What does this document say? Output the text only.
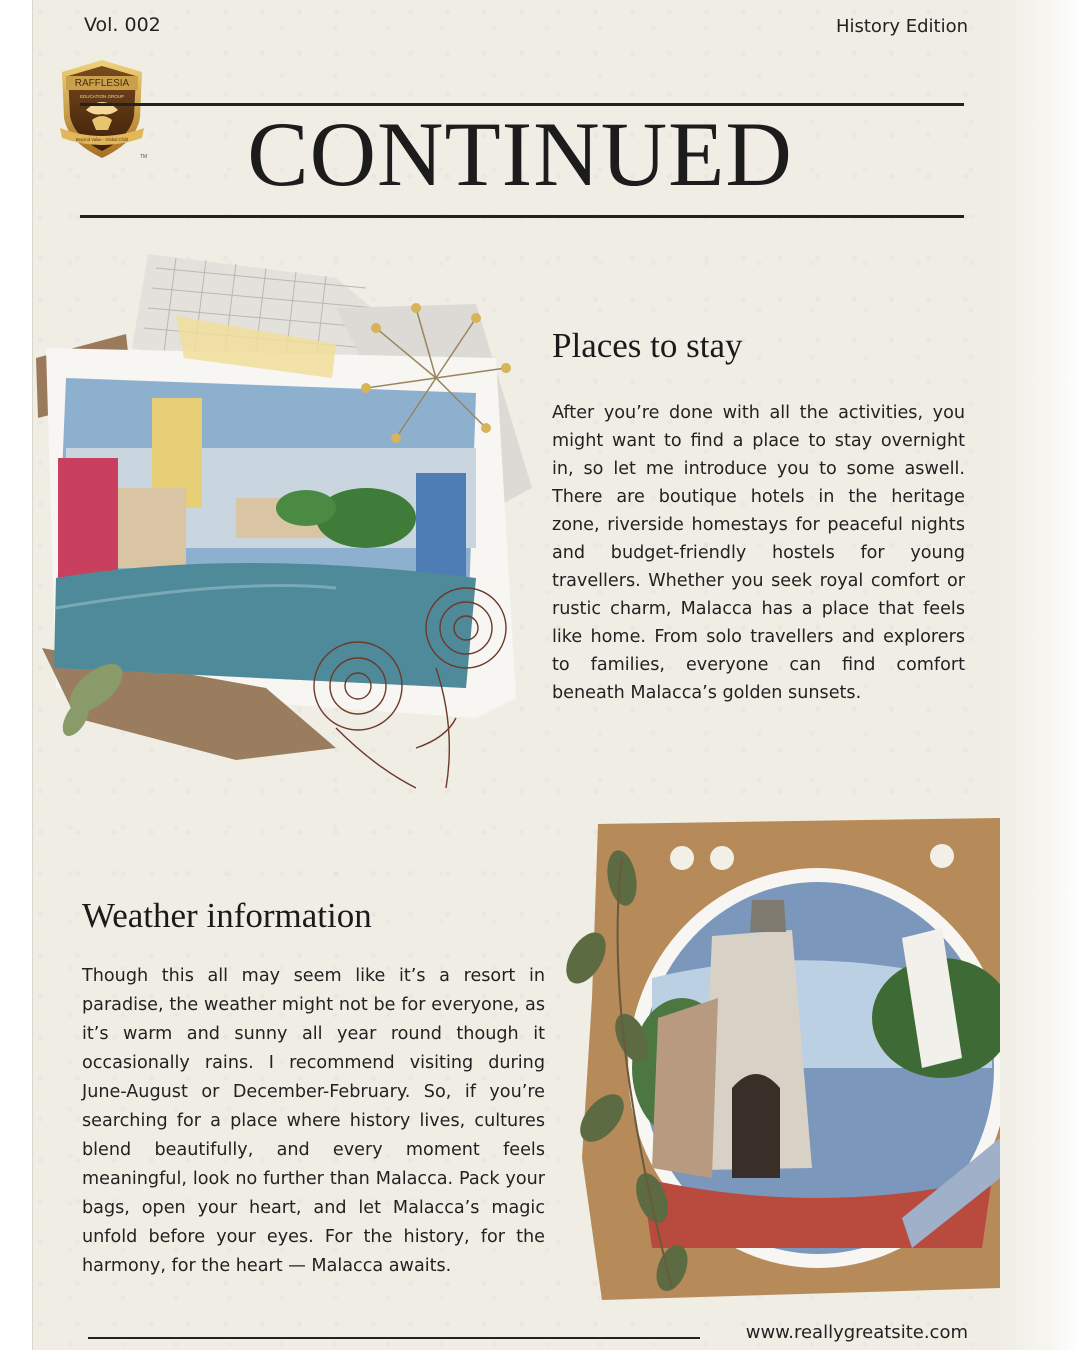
Vol. 002	History Edition
RAFFLESIA
EDUCATION GROUP
Beyond Value · Global Child
TM	CONTINUED
Places to stay

After you’re done with all the activities, you might want to find a place to stay overnight in, so let me introduce you to some aswell. There are boutique hotels in the heritage zone, riverside homestays for peaceful nights and budget-friendly hostels for young travellers. Whether you seek royal comfort or rustic charm, Malacca has a place that feels like home. From solo travellers and explorers to families, everyone can find comfort beneath Malacca’s golden sunsets.

Weather information

Though this all may seem like it’s a resort in paradise, the weather might not be for everyone, as it’s warm and sunny all year round though it occasionally rains. I recommend visiting during June-August or December-February. So, if you’re searching for a place where history lives, cultures blend beautifully, and every moment feels meaningful, look no further than Malacca. Pack your bags, open your heart, and let Malacca’s magic unfold before your eyes. For the history, for the harmony, for the heart — Malacca awaits.

www.reallygreatsite.com
